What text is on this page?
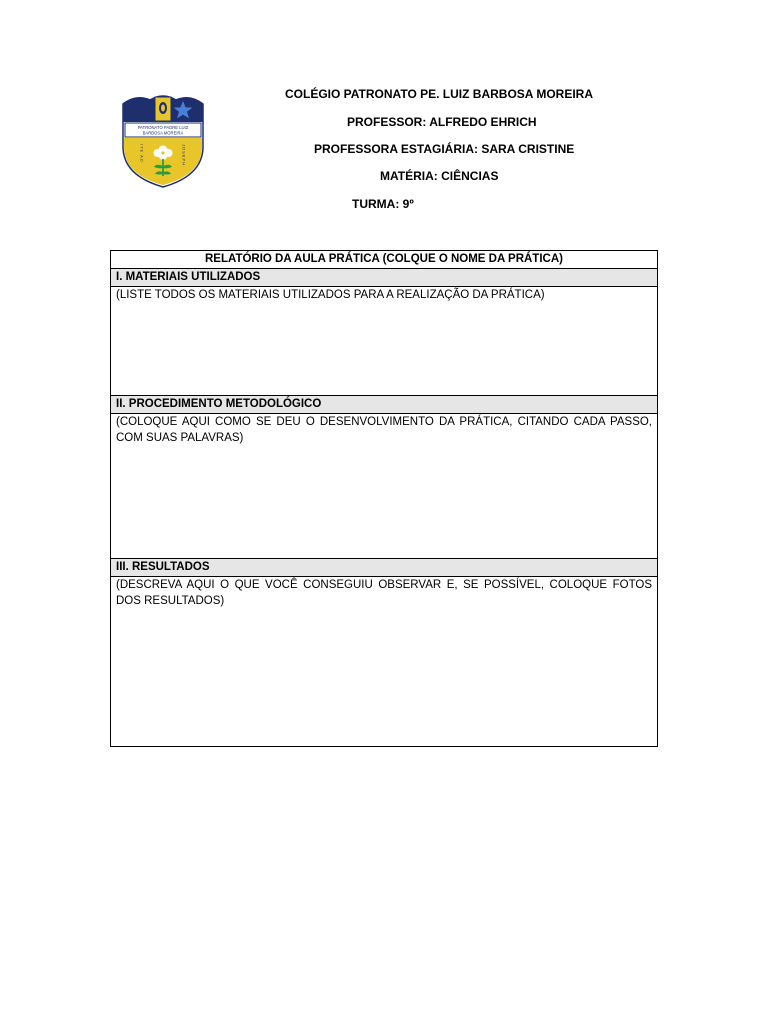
PATRONATO PADRE LUIZ
BARBOSA MOREIRA
ITE AD	JOSEPH
COLÉGIO PATRONATO PE. LUIZ BARBOSA MOREIRA
PROFESSOR: ALFREDO EHRICH
PROFESSORA ESTAGIÁRIA: SARA CRISTINE
MATÉRIA: CIÊNCIAS
TURMA: 9º
RELATÓRIO DA AULA PRÁTICA (COLQUE O NOME DA PRÁTICA)
I. MATERIAIS UTILIZADOS

(LISTE TODOS OS MATERIAIS UTILIZADOS PARA A REALIZAÇÃO DA PRÁTICA)

II. PROCEDIMENTO METODOLÓGICO

(COLOQUE AQUI COMO SE DEU O DESENVOLVIMENTO DA PRÁTICA, CITANDO CADA PASSO, COM SUAS PALAVRAS)

III. RESULTADOS

(DESCREVA AQUI O QUE VOCÊ CONSEGUIU OBSERVAR E, SE POSSÍVEL, COLOQUE FOTOS DOS RESULTADOS)
